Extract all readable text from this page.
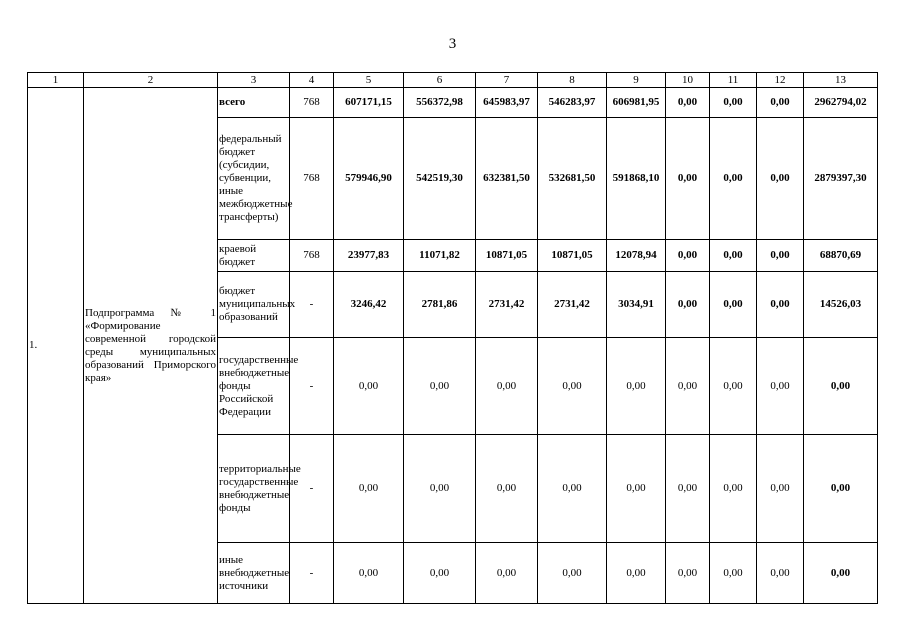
3
1	2	3	4	5	6	7	8	9	10	11	12	13
1.	Подпрограмма № 1 «Формирование современной городской среды муниципальных образований Приморского края»	всего	768	607171,15	556372,98	645983,97	546283,97	606981,95	0,00	0,00	0,00	2962794,02
		федеральный бюджет (субсидии, субвенции, иные межбюджетные трансферты)	768	579946,90	542519,30	632381,50	532681,50	591868,10	0,00	0,00	0,00	2879397,30
		краевой бюджет	768	23977,83	11071,82	10871,05	10871,05	12078,94	0,00	0,00	0,00	68870,69
		бюджет муниципальных образований	-	3246,42	2781,86	2731,42	2731,42	3034,91	0,00	0,00	0,00	14526,03
		государственные внебюджетные фонды Российской Федерации	-	0,00	0,00	0,00	0,00	0,00	0,00	0,00	0,00	0,00
		территориальные государственные внебюджетные фонды	-	0,00	0,00	0,00	0,00	0,00	0,00	0,00	0,00	0,00
		иные внебюджетные источники	-	0,00	0,00	0,00	0,00	0,00	0,00	0,00	0,00	0,00
